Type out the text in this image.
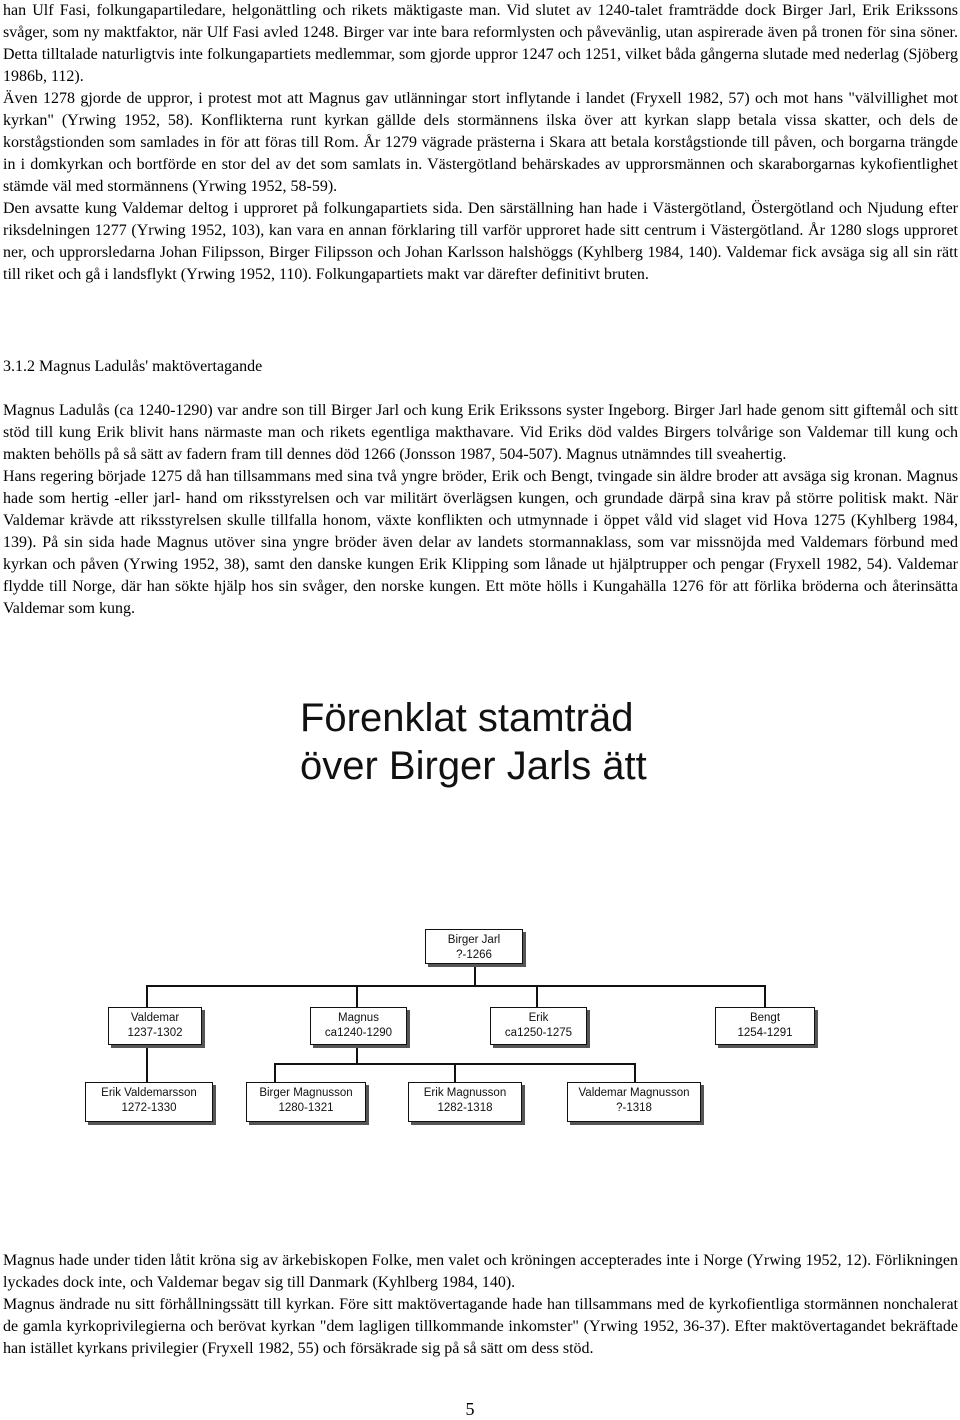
han Ulf Fasi, folkungapartiledare, helgonättling och rikets mäktigaste man. Vid slutet av 1240-talet framträdde dock Birger Jarl, Erik Erikssons svåger, som ny maktfaktor, när Ulf Fasi avled 1248. Birger var inte bara reformlysten och påvevänlig, utan aspirerade även på tronen för sina söner. Detta tilltalade naturligtvis inte folkungapartiets medlemmar, som gjorde uppror 1247 och 1251, vilket båda gångerna slutade med nederlag (Sjöberg 1986b, 112).

Även 1278 gjorde de uppror, i protest mot att Magnus gav utlänningar stort inflytande i landet (Fryxell 1982, 57) och mot hans "välvillighet mot kyrkan" (Yrwing 1952, 58). Konflikterna runt kyrkan gällde dels stormännens ilska över att kyrkan slapp betala vissa skatter, och dels de korstågstionden som samlades in för att föras till Rom. År 1279 vägrade prästerna i Skara att betala korstågstionde till påven, och borgarna trängde in i domkyrkan och bortförde en stor del av det som samlats in. Västergötland behärskades av upprorsmännen och skaraborgarnas kykofientlighet stämde väl med stormännens (Yrwing 1952, 58-59).

Den avsatte kung Valdemar deltog i upproret på folkungapartiets sida. Den särställning han hade i Västergötland, Östergötland och Njudung efter riksdelningen 1277 (Yrwing 1952, 103), kan vara en annan förklaring till varför upproret hade sitt centrum i Västergötland. År 1280 slogs upproret ner, och upprorsledarna Johan Filipsson, Birger Filipsson och Johan Karlsson halshöggs (Kyhlberg 1984, 140). Valdemar fick avsäga sig all sin rätt till riket och gå i landsflykt (Yrwing 1952, 110). Folkungapartiets makt var därefter definitivt bruten.

3.1.2 Magnus Ladulås' maktövertagande

Magnus Ladulås (ca 1240-1290) var andre son till Birger Jarl och kung Erik Erikssons syster Ingeborg. Birger Jarl hade genom sitt giftemål och sitt stöd till kung Erik blivit hans närmaste man och rikets egentliga makthavare. Vid Eriks död valdes Birgers tolvårige son Valdemar till kung och makten behölls på så sätt av fadern fram till dennes död 1266 (Jonsson 1987, 504-507). Magnus utnämndes till sveahertig.

Hans regering började 1275 då han tillsammans med sina två yngre bröder, Erik och Bengt, tvingade sin äldre broder att avsäga sig kronan. Magnus hade som hertig -eller jarl- hand om riksstyrelsen och var militärt överlägsen kungen, och grundade därpå sina krav på större politisk makt. När Valdemar krävde att riksstyrelsen skulle tillfalla honom, växte konflikten och utmynnade i öppet våld vid slaget vid Hova 1275 (Kyhlberg 1984, 139). På sin sida hade Magnus utöver sina yngre bröder även delar av landets stormannaklass, som var missnöjda med Valdemars förbund med kyrkan och påven (Yrwing 1952, 38), samt den danske kungen Erik Klipping som lånade ut hjälptrupper och pengar (Fryxell 1982, 54). Valdemar flydde till Norge, där han sökte hjälp hos sin svåger, den norske kungen. Ett möte hölls i Kungahälla 1276 för att förlika bröderna och återinsätta Valdemar som kung.

Förenklat stamträd
över Birger Jarls ätt
Birger Jarl
?-1266
Valdemar
1237-1302
Magnus
ca1240-1290
Erik
ca1250-1275
Bengt
1254-1291
Erik Valdemarsson
1272-1330
Birger Magnusson
1280-1321
Erik Magnusson
1282-1318
Valdemar Magnusson
?-1318

Magnus hade under tiden låtit kröna sig av ärkebiskopen Folke, men valet och kröningen accepterades inte i Norge (Yrwing 1952, 12). Förlikningen lyckades dock inte, och Valdemar begav sig till Danmark (Kyhlberg 1984, 140).

Magnus ändrade nu sitt förhållningssätt till kyrkan. Före sitt maktövertagande hade han tillsammans med de kyrkofientliga stormännen nonchalerat de gamla kyrkoprivilegierna och berövat kyrkan "dem lagligen tillkommande inkomster" (Yrwing 1952, 36-37). Efter maktövertagandet bekräftade han istället kyrkans privilegier (Fryxell 1982, 55) och försäkrade sig på så sätt om dess stöd.

5
